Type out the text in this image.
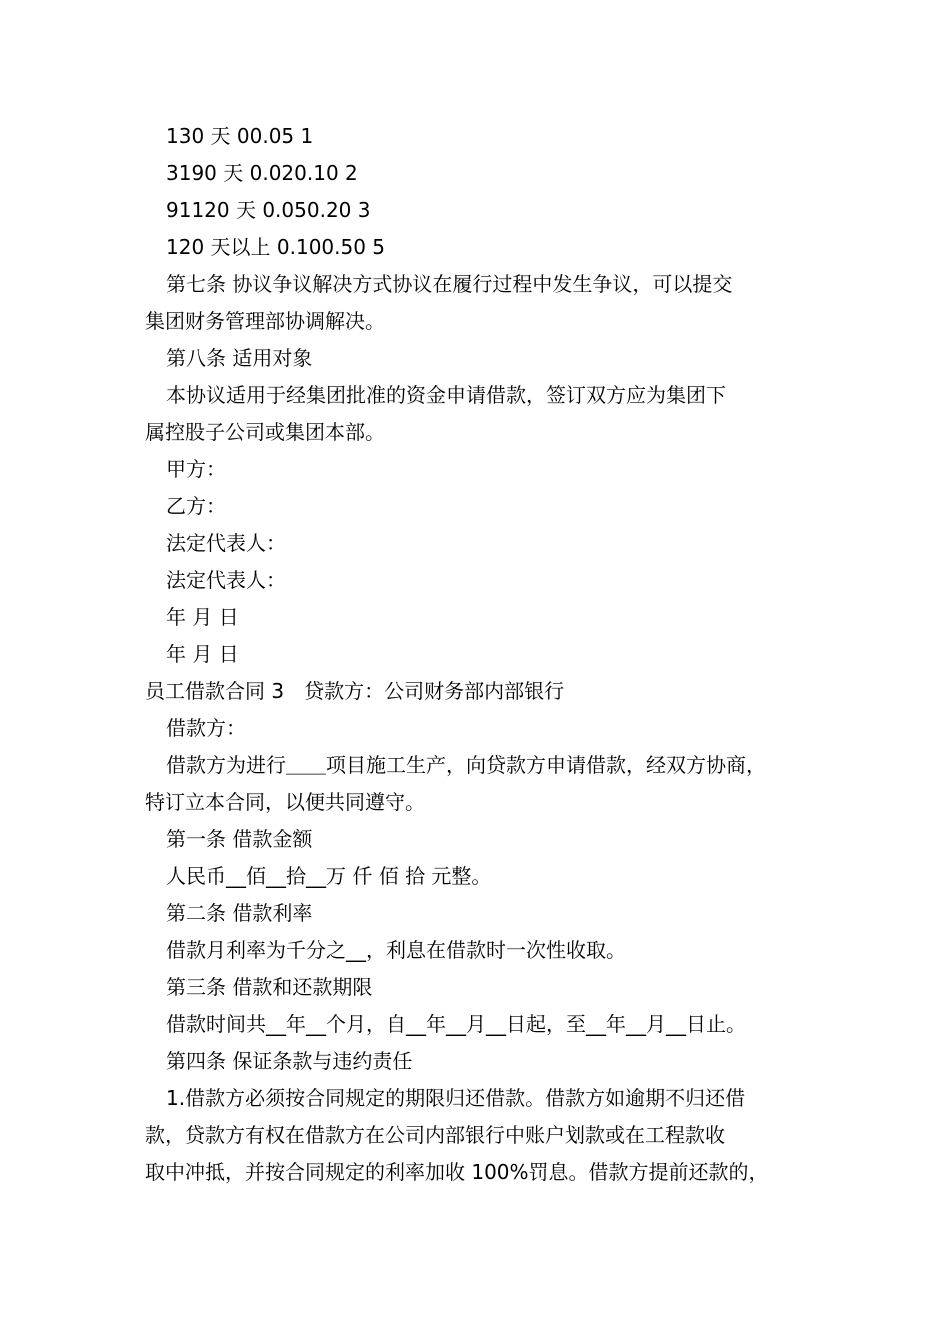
130 天 00.05 1
3190 天 0.020.10 2
91120 天 0.050.20 3
120 天以上 0.100.50 5
第七条 协议争议解决方式协议在履行过程中发生争议，可以提交
集团财务管理部协调解决。
第八条 适用对象
本协议适用于经集团批准的资金申请借款，签订双方应为集团下
属控股子公司或集团本部。
甲方：
乙方：
法定代表人：
法定代表人：
年 月 日
年 月 日
员工借款合同 3　贷款方：公司财务部内部银行
借款方：
借款方为进行＿＿项目施工生产，向贷款方申请借款，经双方协商，
特订立本合同，以便共同遵守。
第一条 借款金额
人民币__佰__拾__万 仟 佰 拾 元整。
第二条 借款利率
借款月利率为千分之__，利息在借款时一次性收取。
第三条 借款和还款期限
借款时间共__年__个月，自__年__月__日起，至__年__月__日止。
第四条 保证条款与违约责任
1.借款方必须按合同规定的期限归还借款。借款方如逾期不归还借
款，贷款方有权在借款方在公司内部银行中账户划款或在工程款收
取中冲抵，并按合同规定的利率加收 100%罚息。借款方提前还款的，
